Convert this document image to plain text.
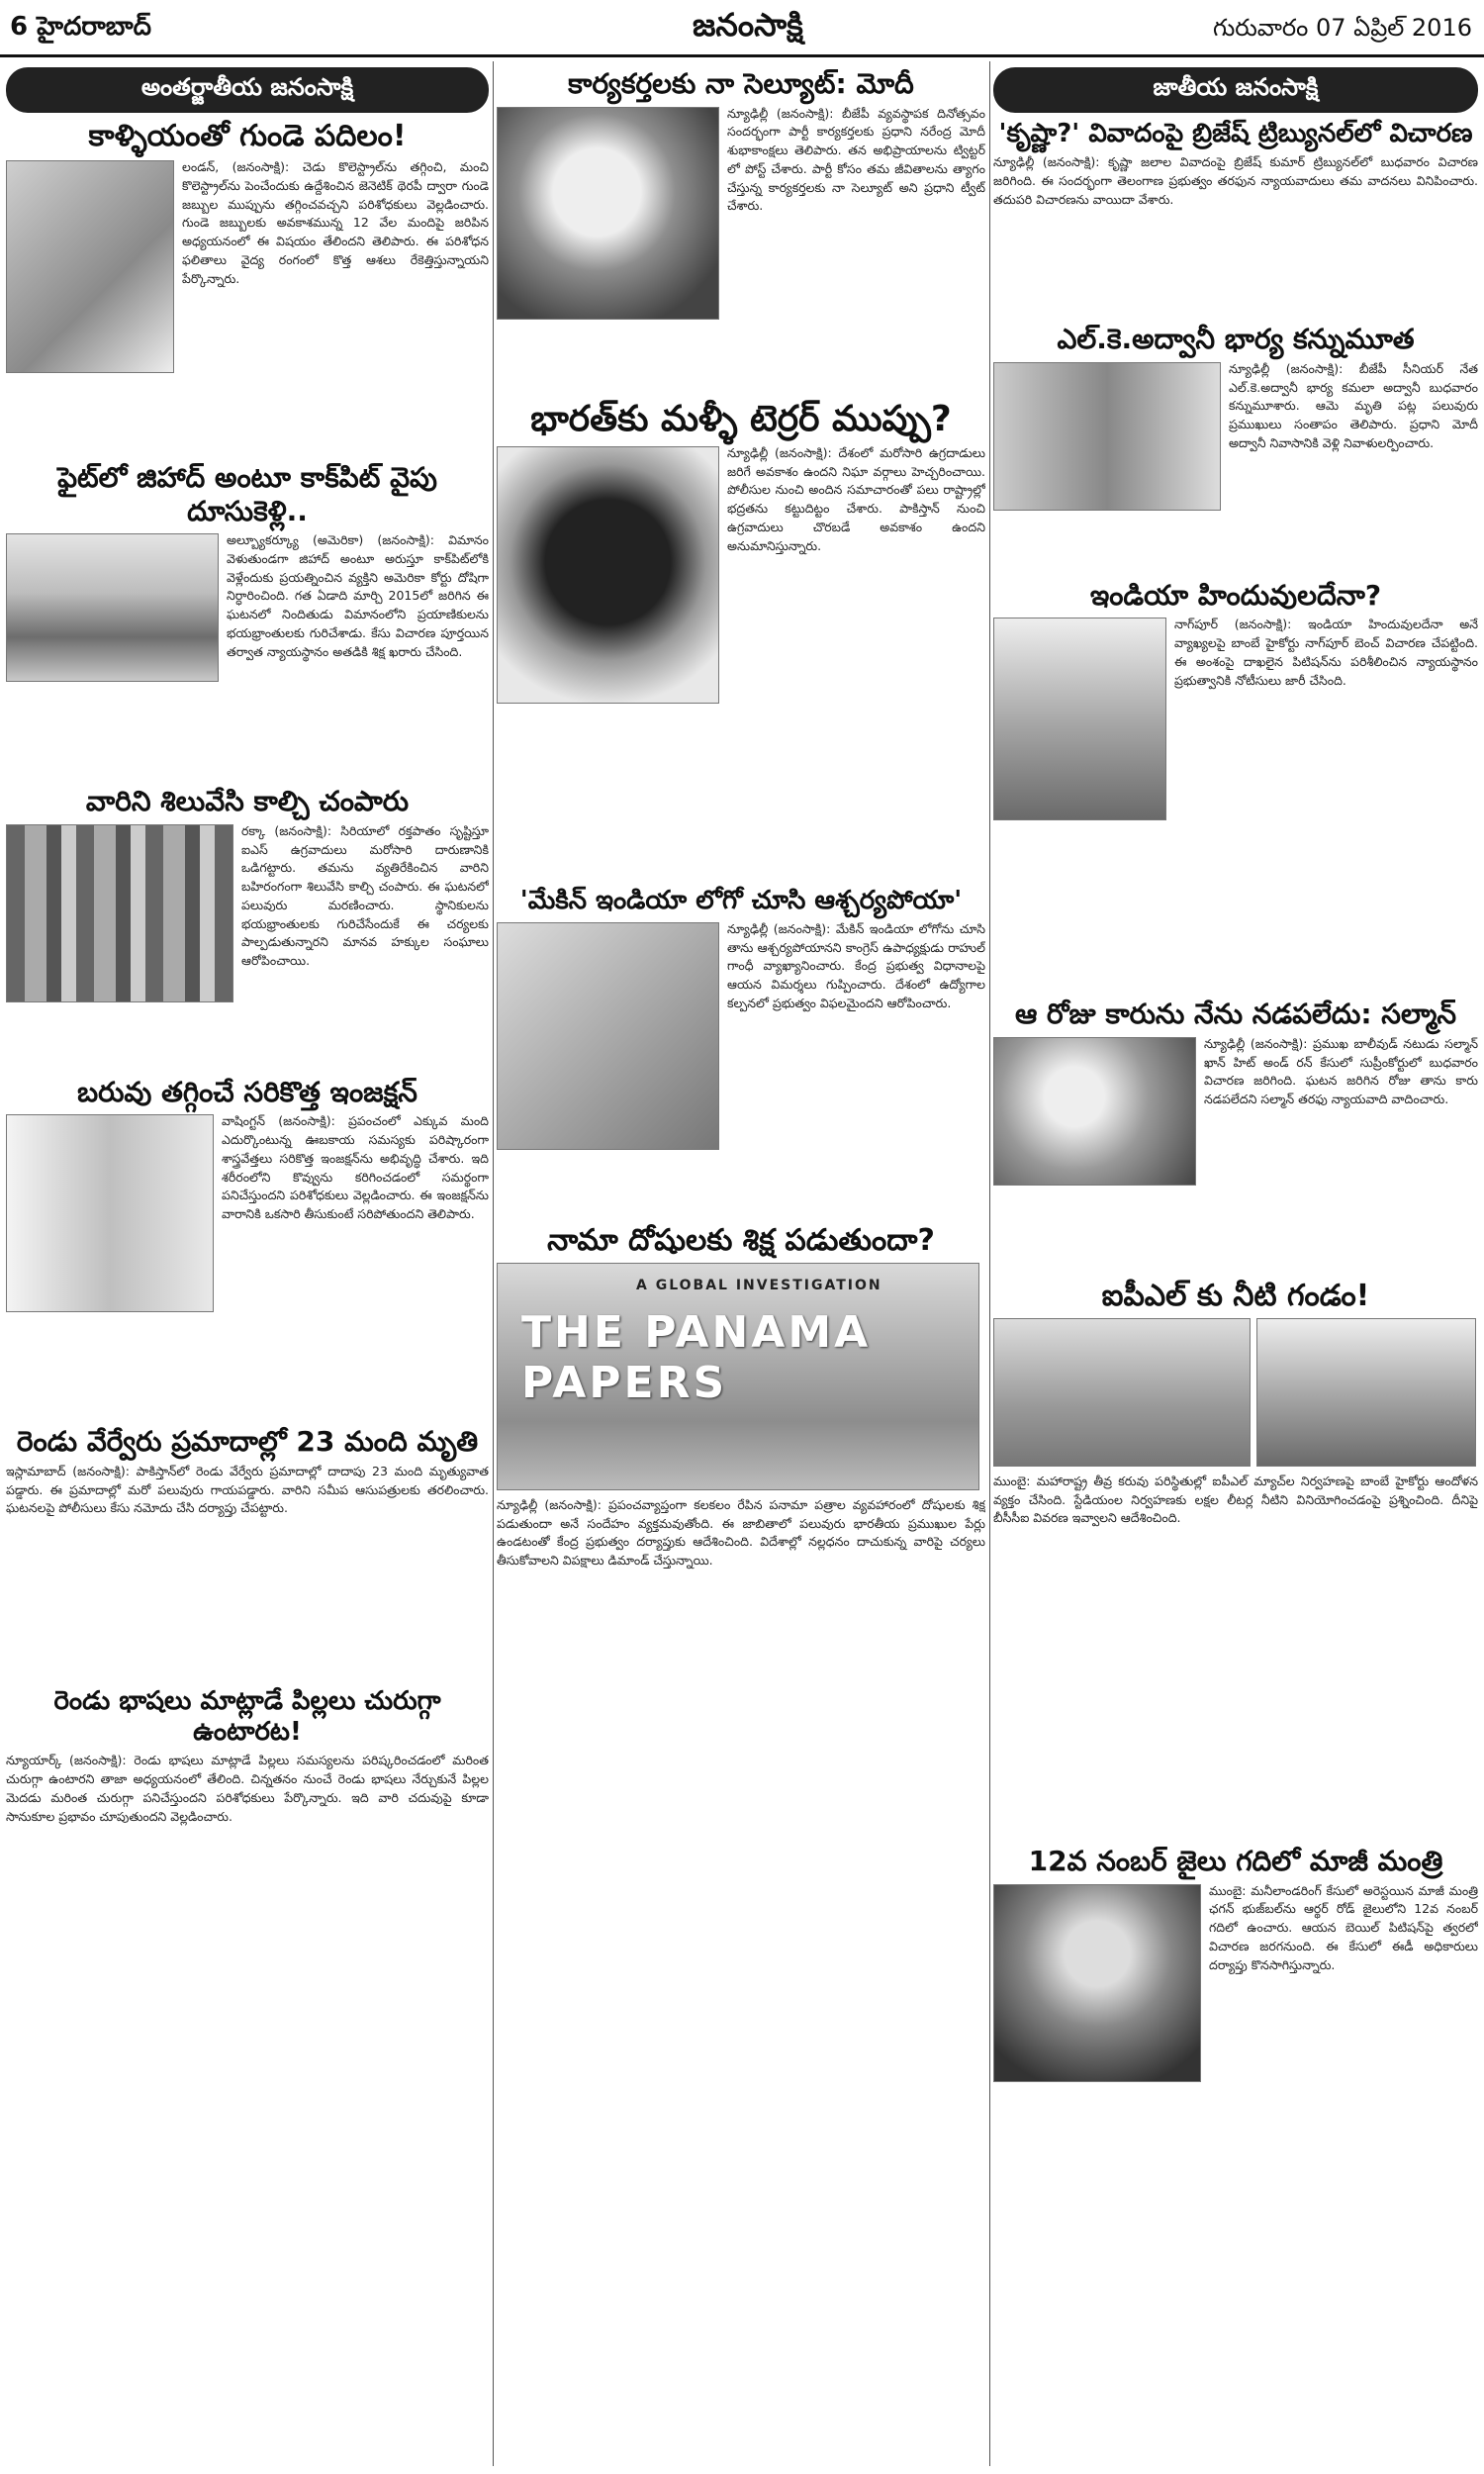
6 హైదరాబాద్	జనంసాక్షి	గురువారం 07 ఏప్రిల్ 2016
అంతర్జాతీయ జనంసాక్షి
కాళ్ళియంతో గుండె పదిలం!
లండన్, (జనంసాక్షి): చెడు కొలెస్ట్రాల్‌ను తగ్గించి, మంచి కొలెస్ట్రాల్‌ను పెంచేందుకు ఉద్దేశించిన జెనెటిక్ థెరపీ ద్వారా గుండె జబ్బుల ముప్పును తగ్గించవచ్చని పరిశోధకులు వెల్లడించారు. గుండె జబ్బులకు అవకాశమున్న 12 వేల మందిపై జరిపిన అధ్యయనంలో ఈ విషయం తేలిందని తెలిపారు. ఈ పరిశోధన ఫలితాలు వైద్య రంగంలో కొత్త ఆశలు రేకెత్తిస్తున్నాయని పేర్కొన్నారు.
ఫైట్‌లో జిహాద్ అంటూ కాక్‌పిట్ వైపు దూసుకెళ్లి..
అల్బ్యూకర్క్యూ (అమెరికా) (జనంసాక్షి): విమానం వెళుతుండగా జిహాద్ అంటూ అరుస్తూ కాక్‌పిట్‌లోకి వెళ్లేందుకు ప్రయత్నించిన వ్యక్తిని అమెరికా కోర్టు దోషిగా నిర్ధారించింది. గత ఏడాది మార్చి 2015లో జరిగిన ఈ ఘటనలో నిందితుడు విమానంలోని ప్రయాణికులను భయభ్రాంతులకు గురిచేశాడు. కేసు విచారణ పూర్తయిన తర్వాత న్యాయస్థానం అతడికి శిక్ష ఖరారు చేసింది.
వారిని శిలువేసి కాల్చి చంపారు
రక్కా (జనంసాక్షి): సిరియాలో రక్తపాతం సృష్టిస్తూ ఐఎస్ ఉగ్రవాదులు మరోసారి దారుణానికి ఒడిగట్టారు. తమను వ్యతిరేకించిన వారిని బహిరంగంగా శిలువేసి కాల్చి చంపారు. ఈ ఘటనలో పలువురు మరణించారు. స్థానికులను భయభ్రాంతులకు గురిచేసేందుకే ఈ చర్యలకు పాల్పడుతున్నారని మానవ హక్కుల సంఘాలు ఆరోపించాయి.
బరువు తగ్గించే సరికొత్త ఇంజక్షన్
వాషింగ్టన్ (జనంసాక్షి): ప్రపంచంలో ఎక్కువ మంది ఎదుర్కొంటున్న ఊబకాయ సమస్యకు పరిష్కారంగా శాస్త్రవేత్తలు సరికొత్త ఇంజక్షన్‌ను అభివృద్ధి చేశారు. ఇది శరీరంలోని కొవ్వును కరిగించడంలో సమర్థంగా పనిచేస్తుందని పరిశోధకులు వెల్లడించారు. ఈ ఇంజక్షన్‌ను వారానికి ఒకసారి తీసుకుంటే సరిపోతుందని తెలిపారు.
రెండు వేర్వేరు ప్రమాదాల్లో 23 మంది మృతి
ఇస్లామాబాద్ (జనంసాక్షి): పాకిస్తాన్‌లో రెండు వేర్వేరు ప్రమాదాల్లో దాదాపు 23 మంది మృత్యువాత పడ్డారు. ఈ ప్రమాదాల్లో మరో పలువురు గాయపడ్డారు. వారిని సమీప ఆసుపత్రులకు తరలించారు. ఘటనలపై పోలీసులు కేసు నమోదు చేసి దర్యాప్తు చేపట్టారు.
రెండు భాషలు మాట్లాడే పిల్లలు చురుగ్గా ఉంటారట!
న్యూయార్క్ (జనంసాక్షి): రెండు భాషలు మాట్లాడే పిల్లలు సమస్యలను పరిష్కరించడంలో మరింత చురుగ్గా ఉంటారని తాజా అధ్యయనంలో తేలింది. చిన్నతనం నుంచే రెండు భాషలు నేర్చుకునే పిల్లల మెదడు మరింత చురుగ్గా పనిచేస్తుందని పరిశోధకులు పేర్కొన్నారు. ఇది వారి చదువుపై కూడా సానుకూల ప్రభావం చూపుతుందని వెల్లడించారు.
కార్యకర్తలకు నా సెల్యూట్: మోదీ
న్యూఢిల్లీ (జనంసాక్షి): బీజేపీ వ్యవస్థాపక దినోత్సవం సందర్భంగా పార్టీ కార్యకర్తలకు ప్రధాని నరేంద్ర మోదీ శుభాకాంక్షలు తెలిపారు. తన అభిప్రాయాలను ట్విట్టర్ లో పోస్ట్ చేశారు. పార్టీ కోసం తమ జీవితాలను త్యాగం చేస్తున్న కార్యకర్తలకు నా సెల్యూట్ అని ప్రధాని ట్వీట్ చేశారు.
భారత్‌కు మళ్ళీ టెర్రర్ ముప్పు?
న్యూఢిల్లీ (జనంసాక్షి): దేశంలో మరోసారి ఉగ్రదాడులు జరిగే అవకాశం ఉందని నిఘా వర్గాలు హెచ్చరించాయి. పోలీసుల నుంచి అందిన సమాచారంతో పలు రాష్ట్రాల్లో భద్రతను కట్టుదిట్టం చేశారు. పాకిస్తాన్ నుంచి ఉగ్రవాదులు చొరబడే అవకాశం ఉందని అనుమానిస్తున్నారు.
'మేకిన్ ఇండియా లోగో చూసి ఆశ్చర్యపోయా'
న్యూఢిల్లీ (జనంసాక్షి): మేకిన్ ఇండియా లోగోను చూసి తాను ఆశ్చర్యపోయానని కాంగ్రెస్ ఉపాధ్యక్షుడు రాహుల్ గాంధీ వ్యాఖ్యానించారు. కేంద్ర ప్రభుత్వ విధానాలపై ఆయన విమర్శలు గుప్పించారు. దేశంలో ఉద్యోగాల కల్పనలో ప్రభుత్వం విఫలమైందని ఆరోపించారు.
నామా దోషులకు శిక్ష పడుతుందా?
A GLOBAL INVESTIGATION
THE PANAMA PAPERS
న్యూఢిల్లీ (జనంసాక్షి): ప్రపంచవ్యాప్తంగా కలకలం రేపిన పనామా పత్రాల వ్యవహారంలో దోషులకు శిక్ష పడుతుందా అనే సందేహం వ్యక్తమవుతోంది. ఈ జాబితాలో పలువురు భారతీయ ప్రముఖుల పేర్లు ఉండటంతో కేంద్ర ప్రభుత్వం దర్యాప్తుకు ఆదేశించింది. విదేశాల్లో నల్లధనం దాచుకున్న వారిపై చర్యలు తీసుకోవాలని విపక్షాలు డిమాండ్ చేస్తున్నాయి.
జాతీయ జనంసాక్షి
'కృష్ణా?' వివాదంపై బ్రిజేష్ ట్రిబ్యునల్‌లో విచారణ
న్యూఢిల్లీ (జనంసాక్షి): కృష్ణా జలాల వివాదంపై బ్రిజేష్ కుమార్ ట్రిబ్యునల్‌లో బుధవారం విచారణ జరిగింది. ఈ సందర్భంగా తెలంగాణ ప్రభుత్వం తరఫున న్యాయవాదులు తమ వాదనలు వినిపించారు. తదుపరి విచారణను వాయిదా వేశారు.
ఎల్.కె.అద్వానీ భార్య కన్నుమూత
న్యూఢిల్లీ (జనంసాక్షి): బీజేపీ సీనియర్ నేత ఎల్.కె.అద్వానీ భార్య కమలా అద్వానీ బుధవారం కన్నుమూశారు. ఆమె మృతి పట్ల పలువురు ప్రముఖులు సంతాపం తెలిపారు. ప్రధాని మోదీ అద్వానీ నివాసానికి వెళ్లి నివాళులర్పించారు.
ఇండియా హిందువులదేనా?
నాగ్‌పూర్ (జనంసాక్షి): ఇండియా హిందువులదేనా అనే వ్యాఖ్యలపై బాంబే హైకోర్టు నాగ్‌పూర్ బెంచ్ విచారణ చేపట్టింది. ఈ అంశంపై దాఖలైన పిటిషన్‌ను పరిశీలించిన న్యాయస్థానం ప్రభుత్వానికి నోటీసులు జారీ చేసింది.
ఆ రోజు కారును నేను నడపలేదు: సల్మాన్
న్యూఢిల్లీ (జనంసాక్షి): ప్రముఖ బాలీవుడ్ నటుడు సల్మాన్ ఖాన్ హిట్ అండ్ రన్ కేసులో సుప్రీంకోర్టులో బుధవారం విచారణ జరిగింది. ఘటన జరిగిన రోజు తాను కారు నడపలేదని సల్మాన్ తరఫు న్యాయవాది వాదించారు.
ఐపీఎల్ కు నీటి గండం!
ముంబై: మహారాష్ట్ర తీవ్ర కరువు పరిస్థితుల్లో ఐపీఎల్ మ్యాచ్‌ల నిర్వహణపై బాంబే హైకోర్టు ఆందోళన వ్యక్తం చేసింది. స్టేడియంల నిర్వహణకు లక్షల లీటర్ల నీటిని వినియోగించడంపై ప్రశ్నించింది. దీనిపై బీసీసీఐ వివరణ ఇవ్వాలని ఆదేశించింది.
12వ నంబర్ జైలు గదిలో మాజీ మంత్రి
ముంబై: మనీలాండరింగ్ కేసులో అరెస్టయిన మాజీ మంత్రి ఛగన్ భుజ్‌బల్‌ను ఆర్థర్ రోడ్ జైలులోని 12వ నంబర్ గదిలో ఉంచారు. ఆయన బెయిల్ పిటిషన్‌పై త్వరలో విచారణ జరగనుంది. ఈ కేసులో ఈడీ అధికారులు దర్యాప్తు కొనసాగిస్తున్నారు.
